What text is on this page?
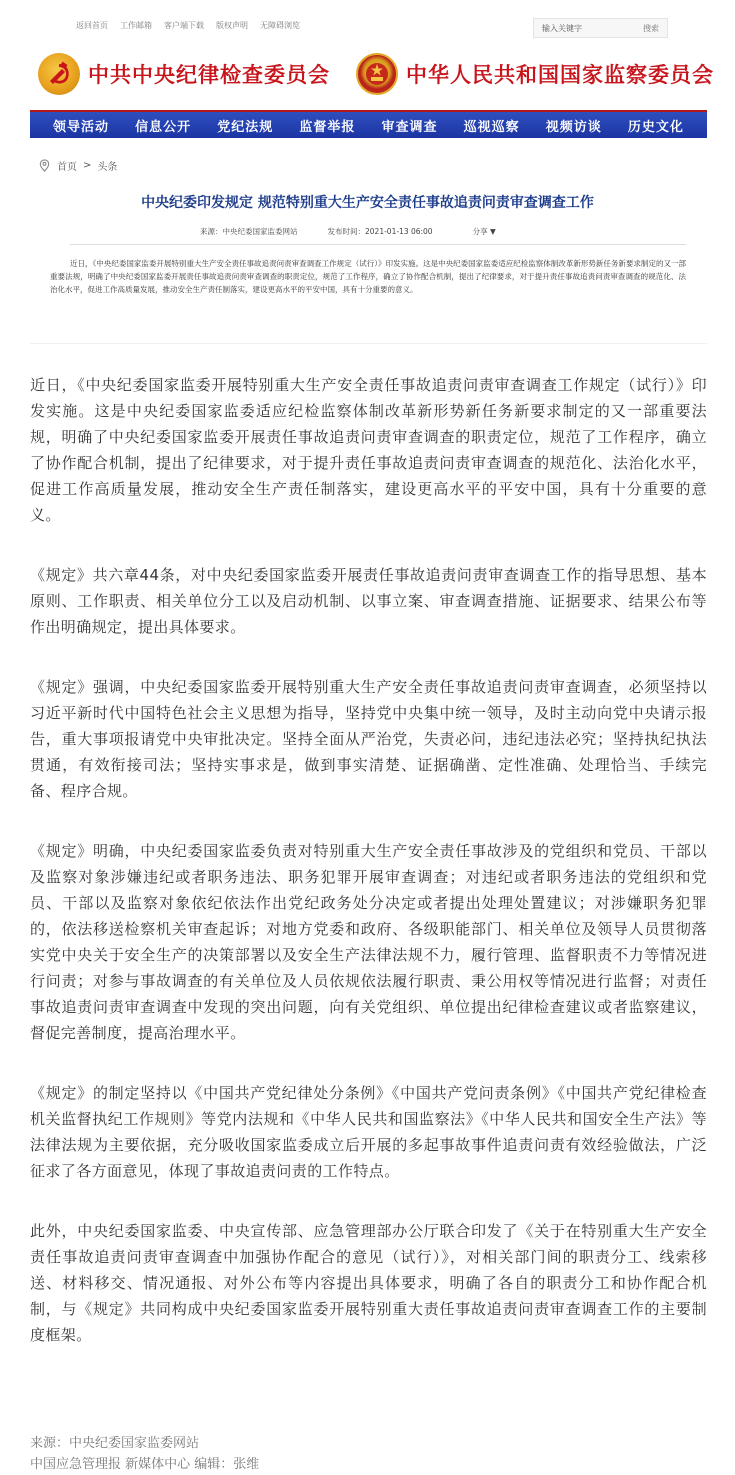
返回首页 工作邮箱 客户端下载 版权声明 无障碍浏览	输入关键字	搜索
中共中央纪律检查委员会	中华人民共和国国家监察委员会
领导活动 信息公开 党纪法规 监督举报 审查调查 巡视巡察 视频访谈 历史文化
首页 > 头条
中央纪委印发规定 规范特别重大生产安全责任事故追责问责审查调查工作
来源：中央纪委国家监委网站	发布时间：2021-01-13 06:00	分享 ▼
近日，《中央纪委国家监委开展特别重大生产安全责任事故追责问责审查调查工作规定（试行）》印发实施。这是中央纪委国家监委适应纪检监察体制改革新形势新任务新要求制定的又一部重要法规，明确了中央纪委国家监委开展责任事故追责问责审查调查的职责定位，规范了工作程序，确立了协作配合机制，提出了纪律要求，对于提升责任事故追责问责审查调查的规范化、法治化水平，促进工作高质量发展，推动安全生产责任制落实，建设更高水平的平安中国，具有十分重要的意义。

近日，《中央纪委国家监委开展特别重大生产安全责任事故追责问责审查调查工作规定（试行）》印发实施。这是中央纪委国家监委适应纪检监察体制改革新形势新任务新要求制定的又一部重要法规，明确了中央纪委国家监委开展责任事故追责问责审查调查的职责定位，规范了工作程序，确立了协作配合机制，提出了纪律要求，对于提升责任事故追责问责审查调查的规范化、法治化水平，促进工作高质量发展，推动安全生产责任制落实，建设更高水平的平安中国，具有十分重要的意义。

《规定》共六章44条，对中央纪委国家监委开展责任事故追责问责审查调查工作的指导思想、基本原则、工作职责、相关单位分工以及启动机制、以事立案、审查调查措施、证据要求、结果公布等作出明确规定，提出具体要求。

《规定》强调，中央纪委国家监委开展特别重大生产安全责任事故追责问责审查调查，必须坚持以习近平新时代中国特色社会主义思想为指导，坚持党中央集中统一领导，及时主动向党中央请示报告，重大事项报请党中央审批决定。坚持全面从严治党，失责必问，违纪违法必究；坚持执纪执法贯通，有效衔接司法；坚持实事求是，做到事实清楚、证据确凿、定性准确、处理恰当、手续完备、程序合规。

《规定》明确，中央纪委国家监委负责对特别重大生产安全责任事故涉及的党组织和党员、干部以及监察对象涉嫌违纪或者职务违法、职务犯罪开展审查调查；对违纪或者职务违法的党组织和党员、干部以及监察对象依纪依法作出党纪政务处分决定或者提出处理处置建议；对涉嫌职务犯罪的，依法移送检察机关审查起诉；对地方党委和政府、各级职能部门、相关单位及领导人员贯彻落实党中央关于安全生产的决策部署以及安全生产法律法规不力，履行管理、监督职责不力等情况进行问责；对参与事故调查的有关单位及人员依规依法履行职责、秉公用权等情况进行监督；对责任事故追责问责审查调查中发现的突出问题，向有关党组织、单位提出纪律检查建议或者监察建议，督促完善制度，提高治理水平。

《规定》的制定坚持以《中国共产党纪律处分条例》《中国共产党问责条例》《中国共产党纪律检查机关监督执纪工作规则》等党内法规和《中华人民共和国监察法》《中华人民共和国安全生产法》等法律法规为主要依据，充分吸收国家监委成立后开展的多起事故事件追责问责有效经验做法，广泛征求了各方面意见，体现了事故追责问责的工作特点。

此外，中央纪委国家监委、中央宣传部、应急管理部办公厅联合印发了《关于在特别重大生产安全责任事故追责问责审查调查中加强协作配合的意见（试行）》，对相关部门间的职责分工、线索移送、材料移交、情况通报、对外公布等内容提出具体要求，明确了各自的职责分工和协作配合机制，与《规定》共同构成中央纪委国家监委开展特别重大责任事故追责问责审查调查工作的主要制度框架。

来源：中央纪委国家监委网站
中国应急管理报 新媒体中心 编辑：张维
